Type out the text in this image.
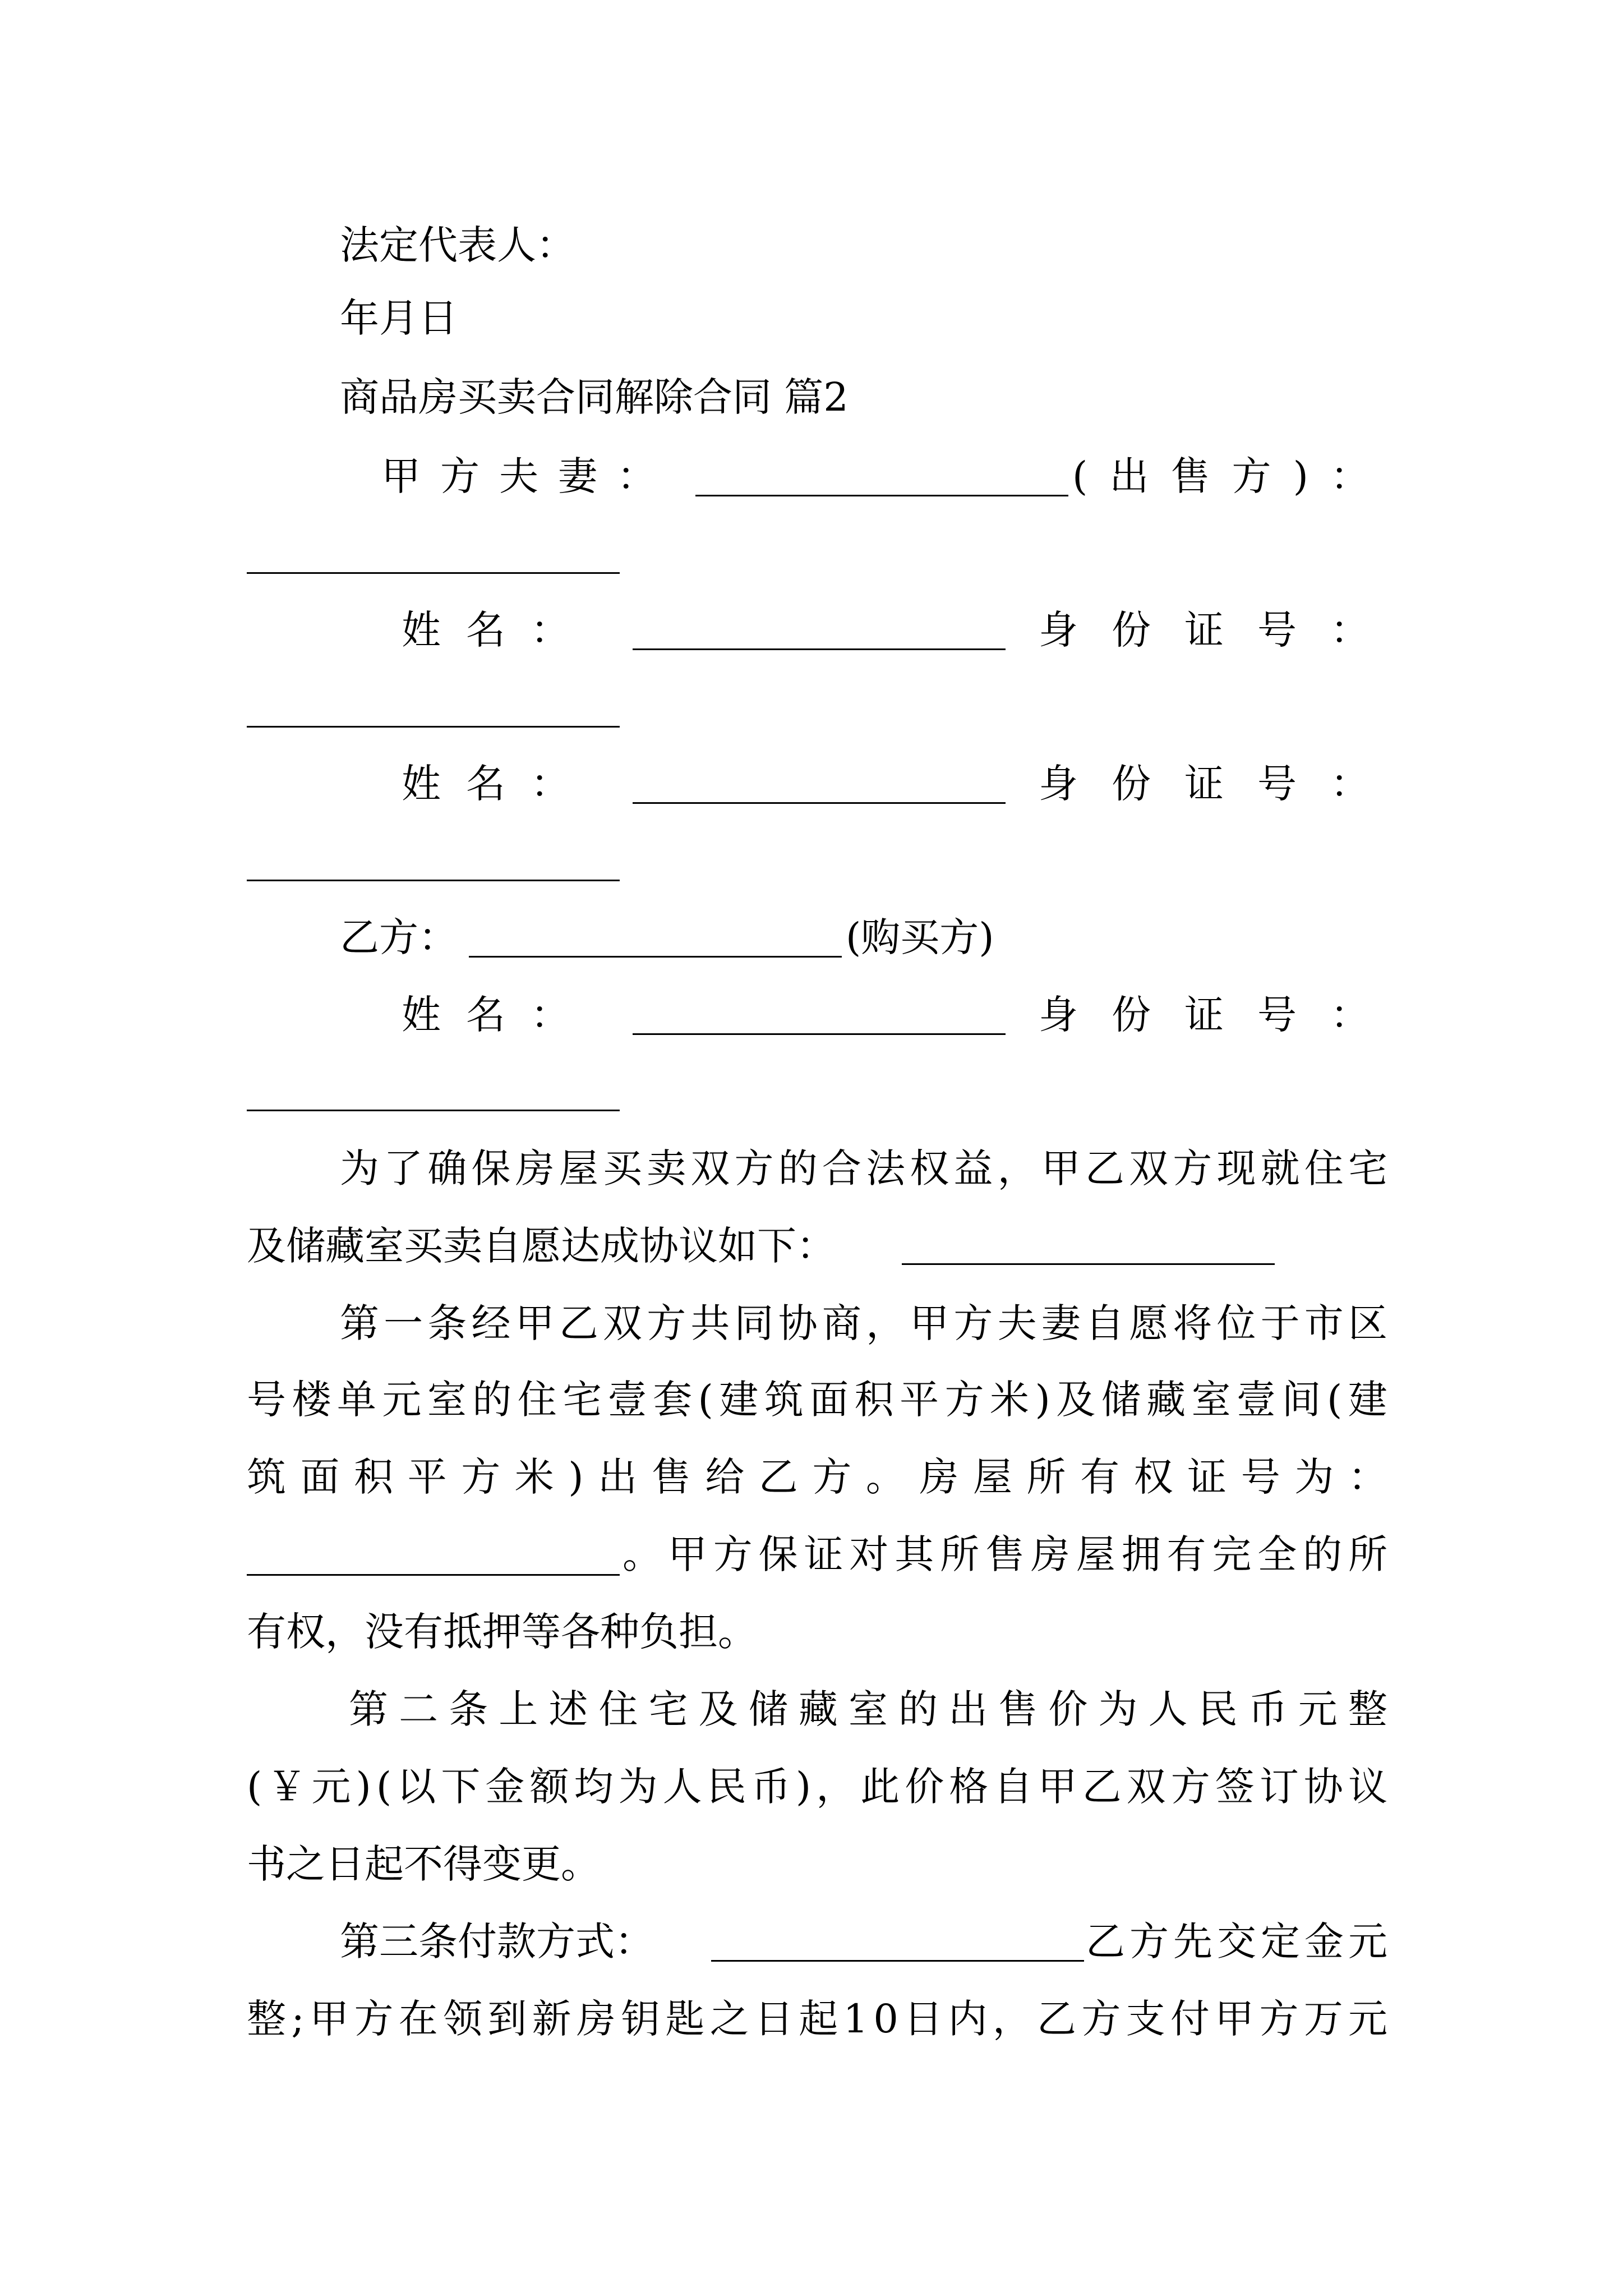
法定代表人：
年月日
商品房买卖合同解除合同 篇2
甲 方 夫 妻 ：	( 出 售 方 ) ：
姓 名 ：	身 份 证 号 ：
姓 名 ：	身 份 证 号 ：
乙方：	(购买方)
姓 名 ：	身 份 证 号 ：
为 了 确 保 房 屋 买 卖 双 方 的 合 法 权 益 ， 甲 乙 双 方 现 就 住 宅
及储藏室买卖自愿达成协议如下：
第 一 条 经 甲 乙 双 方 共 同 协 商 ， 甲 方 夫 妻 自 愿 将 位 于 市 区
号 楼 单 元 室 的 住 宅 壹 套 ( 建 筑 面 积 平 方 米 ) 及 储 藏 室 壹 间 ( 建
筑 面 积 平 方 米 ) 出 售 给 乙 方 。 房 屋 所 有 权 证 号 为 ：
。 甲 方 保 证 对 其 所 售 房 屋 拥 有 完 全 的 所
有权，没有抵押等各种负担。
第 二 条 上 述 住 宅 及 储 藏 室 的 出 售 价 为 人 民 币 元 整
( ￥ 元 ) ( 以 下 金 额 均 为 人 民 币 ) ， 此 价 格 自 甲 乙 双 方 签 订 协 议
书之日起不得变更。
第三条付款方式：	乙 方 先 交 定 金 元
整 ; 甲 方 在 领 到 新 房 钥 匙 之 日 起 1 0 日 内 ， 乙 方 支 付 甲 方 万 元
